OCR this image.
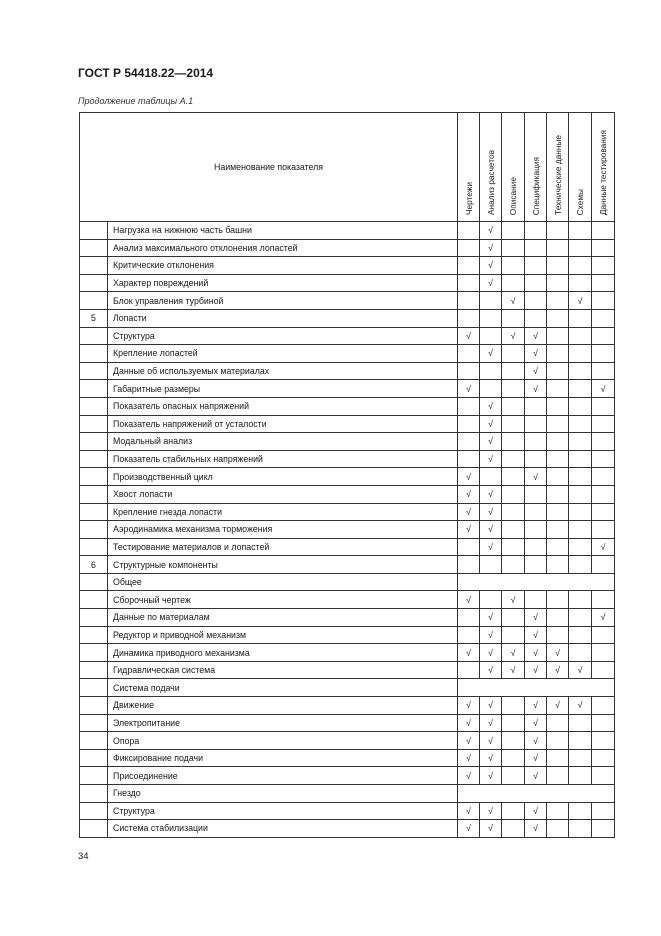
ГОСТ Р 54418.22—2014
Продолжение таблицы А.1
Наименование показателя		Чертежи	Анализ расчетов	Описание	Спецификация	Технические данные	Схемы	Данные тестирования
	Нагрузка на нижнюю часть башни		√					
	Анализ максимального отклонения лопастей		√					
	Критические отклонения		√					
	Характер повреждений		√					
	Блок управления турбиной			√			√	
5	Лопасти							
	Структура	√		√	√			
	Крепление лопастей		√		√			
	Данные об используемых материалах				√			
	Габаритные размеры	√			√			√
	Показатель опасных напряжений		√					
	Показатель напряжений от усталости		√					
	Модальный анализ		√					
	Показатель стабильных напряжений		√					
	Производственный цикл	√			√			
	Хвост лопасти	√	√					
	Крепление гнезда лопасти	√	√					
	Аэродинамика механизма торможения	√	√					
	Тестирование материалов и лопастей		√					√
6	Структурные компоненты							
	Общее							
	Сборочный чертеж	√		√				
	Данные по материалам		√		√			√
	Редуктор и приводной механизм		√		√			
	Динамика приводного механизма	√	√	√	√	√		
	Гидравлическая система		√	√	√	√	√	
	Система подачи							
	Движение	√	√		√	√	√	
	Электропитание	√	√		√			
	Опора	√	√		√			
	Фиксирование подачи	√	√		√			
	Присоединение	√	√		√			
	Гнездо							
	Структура	√	√		√			
	Система стабилизации	√	√		√			
34
